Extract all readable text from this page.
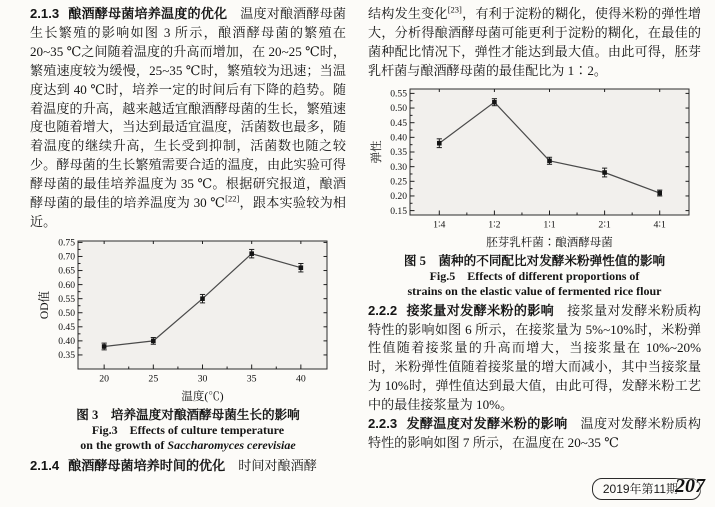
2.1.3 酿酒酵母菌培养温度的优化 温度对酿酒酵母菌生长繁殖的影响如图 3 所示，酿酒酵母菌的繁殖在 20~35 ℃之间随着温度的升高而增加，在 20~25 ℃时，繁殖速度较为缓慢，25~35 ℃时，繁殖较为迅速；当温度达到 40 ℃时，培养一定的时间后有下降的趋势。随着温度的升高，越来越适宜酿酒酵母菌的生长，繁殖速度也随着增大，当达到最适宜温度，活菌数也最多，随着温度的继续升高，生长受到抑制，活菌数也随之较少。酵母菌的生长繁殖需要合适的温度，由此实验可得酵母菌的最佳培养温度为 35 ℃。根据研究报道，酿酒酵母菌的最佳的培养温度为 30 ℃[22]，跟本实验较为相近。

0.35
0.40
0.45
0.50
0.55
0.60
0.65
0.70
0.75
20	25	30	35	40
温度(℃)
OD值
图 3　培养温度对酿酒酵母菌生长的影响
Fig.3　Effects of culture temperature
on the growth of Saccharomyces cerevisiae

2.1.4 酿酒酵母菌培养时间的优化 时间对酿酒酵

结构发生变化[23]，有利于淀粉的糊化，使得米粉的弹性增大，分析得酿酒酵母菌可能更利于淀粉的糊化，在最佳的菌种配比情况下，弹性才能达到最大值。由此可得，胚芽乳杆菌与酿酒酵母菌的最佳配比为 1∶2。

0.15
0.20
0.25
0.30
0.35
0.40
0.45
0.50
0.55
1∶4	1∶2	1∶1	2∶1	4∶1
胚芽乳杆菌∶酿酒酵母菌
弹性
图 5　菌种的不同配比对发酵米粉弹性值的影响
Fig.5　Effects of different proportions of
strains on the elastic value of fermented rice flour

2.2.2 接浆量对发酵米粉的影响 接浆量对发酵米粉质构特性的影响如图 6 所示，在接浆量为 5%~10%时，米粉弹性值随着接浆量的升高而增大，当接浆量在 10%~20%时，米粉弹性值随着接浆量的增大而减小，其中当接浆量为 10%时，弹性值达到最大值，由此可得，发酵米粉工艺中的最佳接浆量为 10%。

2.2.3 发酵温度对发酵米粉的影响 温度对发酵米粉质构特性的影响如图 7 所示，在温度在 20~35 ℃

2019年第11期
207
